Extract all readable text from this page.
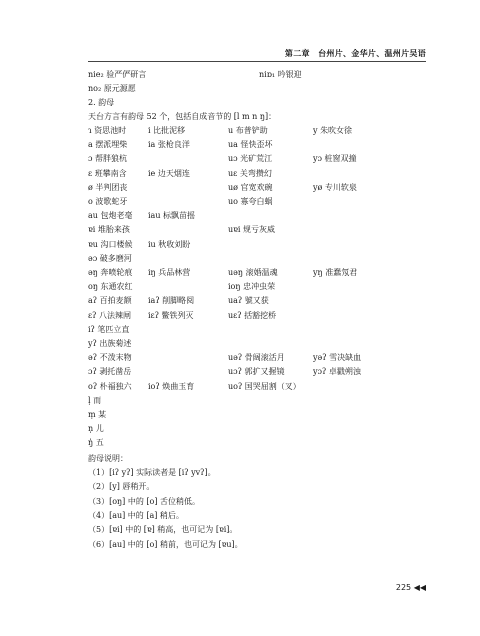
第二章　台州片、金华片、温州片吴语
nie₂ 验严俨研言	niɒ₁ 吟银迎
no₂ 原元源愿
2. 韵母
天台方言有韵母 52 个，包括自成音节的 [l m n ŋ]：
ɿ 资思池时	i 比批泥移	u 布普铲助	y 朱吹女徐
a 摆派埋柴	ia 张枪良洋	ua 怪快歪坏
ɔ 帮胖狼杭	uɔ 光矿荒江	yɔ 桩窗双撞
ɛ 班攀南含	ie 边天烟连	uɛ 关弯攒幻
ø 半判团丧	uø 官宽欢碗	yø 专川软泉
o 波歌蛇牙	uo 寡夸白蜗
au 包炮老毫 iau 标飘苗摇
ɐi 堆胎来孩	uɐi 规亏灰威
ɐu 沟口楼候 iu 秋收刘盼
əɔ 破多磨河
əŋ 奔喷轮痕 iŋ 兵品林营	uəŋ 滚婚温魂	yŋ 准蠢氖君
oŋ 东通农红	ioŋ 忠冲虫荣
aʔ 百拍麦额 iaʔ 削脚略阅	uaʔ 號又获
ɛʔ 八法辣闸 iɛʔ 鳖铁列灭	uɛʔ 括豁挖桥
iʔ 笔匹立直
yʔ 出族菊述
əʔ 不泼末物	uəʔ 骨阔滚活月	yəʔ 雪决缺血
ɔʔ 剥托凿岳	uɔʔ 郭扩又握镜	yɔʔ 卓戳朔浊
oʔ 朴福独六 ioʔ 焕曲玉育	uoʔ 国哭屈割（叉）
l̩ 而
m̩ 某
n̩ 儿
ŋ̍ 五
韵母说明：
（1）[iʔ yʔ] 实际读者是 [iʔ yvʔ]。
（2）[y] 唇稍开。
（3）[oŋ] 中的 [o] 舌位稍低。
（4）[au] 中的 [a] 稍后。
（5）[ɐi] 中的 [ɐ] 稍高，也可记为 [ɐi]。
（6）[au] 中的 [o] 稍前，也可记为 [ɐu]。
225 ◀◀
